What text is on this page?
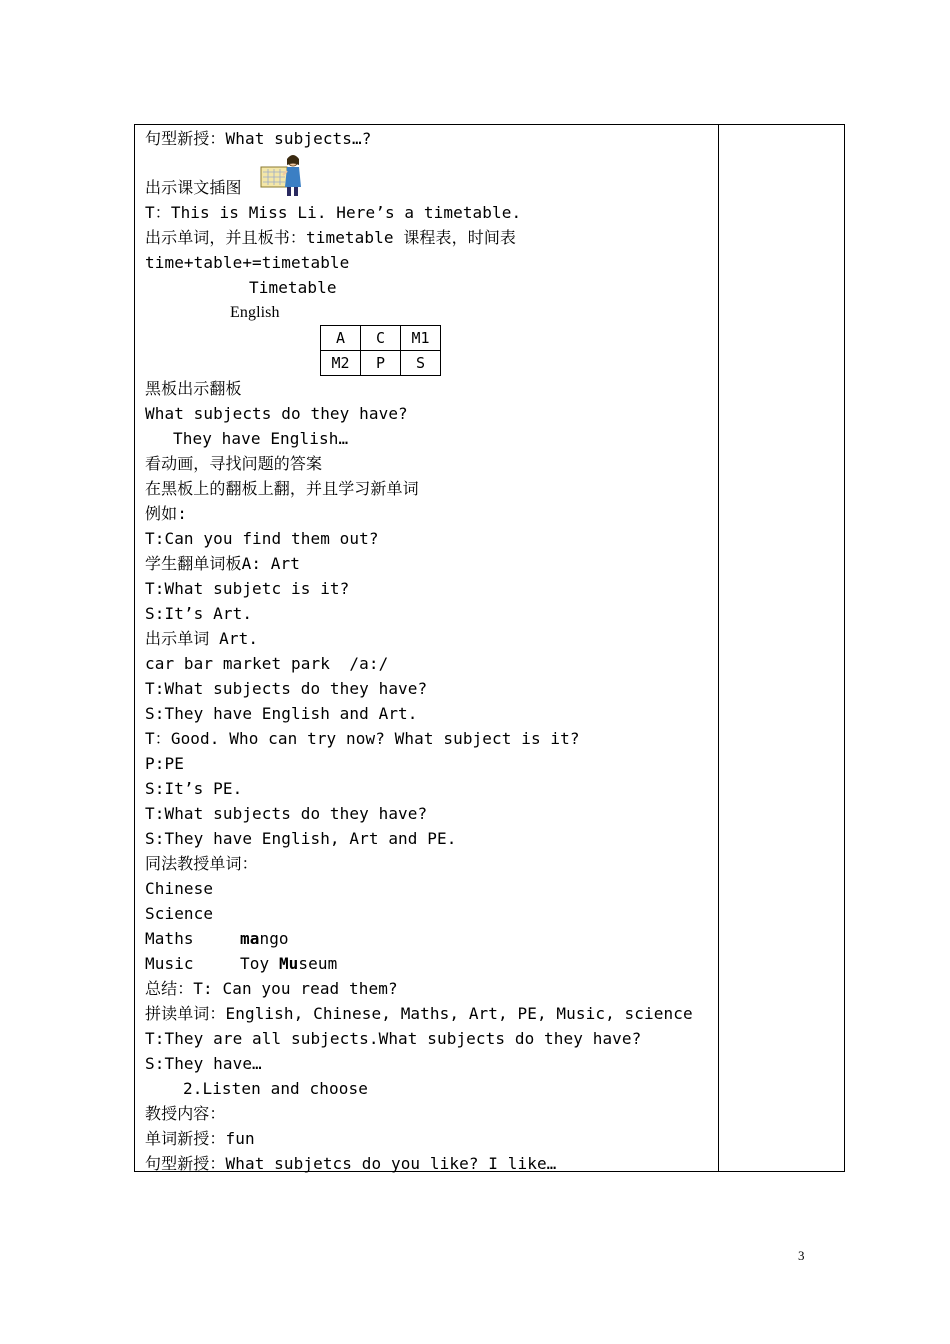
句型新授：What subjects…?
出示课文插图
T：This is Miss Li. Here’s a timetable.
出示单词，并且板书：timetable 课程表，时间表
time+table+=timetable
Timetable
English
A	C	M1
M2	P	S
黑板出示翻板
What subjects do they have?
They have English…
看动画，寻找问题的答案
在黑板上的翻板上翻，并且学习新单词
例如:
T:Can you find them out?
学生翻单词板A: Art
T:What subjetc is it?
S:It’s Art.
出示单词 Art.
car bar market park  /a:/
T:What subjects do they have?
S:They have English and Art.
T：Good. Who can try now? What subject is it?
P:PE
S:It’s PE.
T:What subjects do they have?
S:They have English, Art and PE.
同法教授单词：
Chinese
Science
Maths	mango
Music	Toy Museum
总结：T: Can you read them?
拼读单词：English, Chinese, Maths, Art, PE, Music, science
T:They are all subjects.What subjects do they have?
S:They have…
2.Listen and choose
教授内容：
单词新授：fun
句型新授：What subjetcs do you like? I like…
3
